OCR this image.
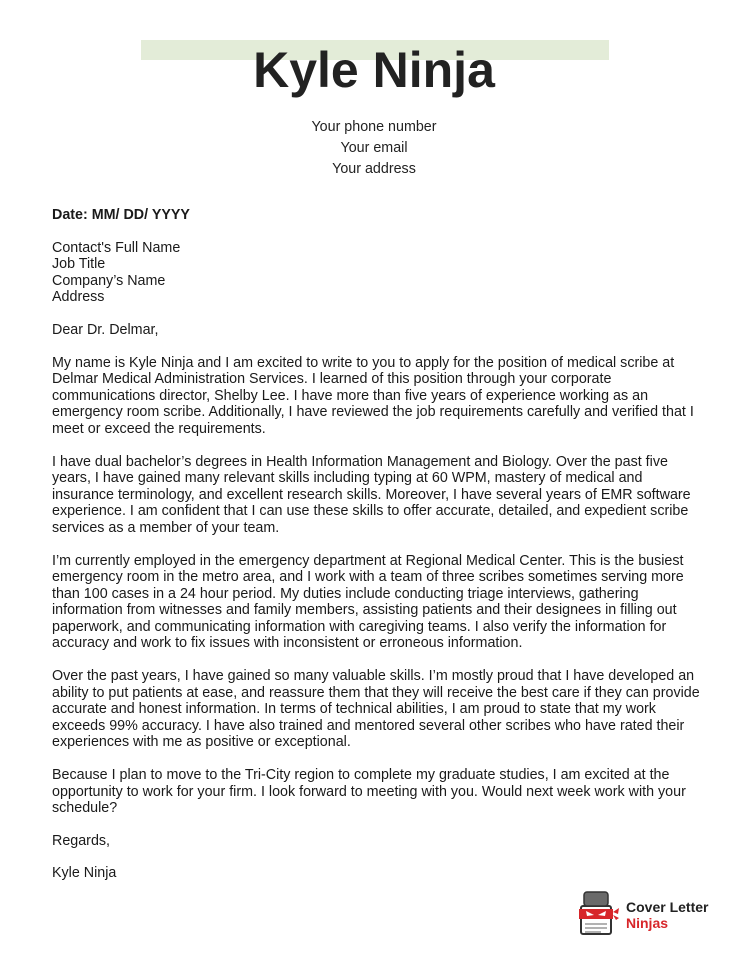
Kyle Ninja
Your phone number
Your email
Your address
Date: MM/ DD/ YYYY
Contact's Full Name
Job Title
Company’s Name
Address

Dear Dr. Delmar,

My name is Kyle Ninja and I am excited to write to you to apply for the position of medical scribe at Delmar Medical Administration Services. I learned of this position through your corporate communications director, Shelby Lee. I have more than five years of experience working as an emergency room scribe. Additionally, I have reviewed the job requirements carefully and verified that I meet or exceed the requirements.

I have dual bachelor’s degrees in Health Information Management and Biology. Over the past five years, I have gained many relevant skills including typing at 60 WPM, mastery of medical and insurance terminology, and excellent research skills. Moreover, I have several years of EMR software experience. I am confident that I can use these skills to offer accurate, detailed, and expedient scribe services as a member of your team.

I’m currently employed in the emergency department at Regional Medical Center. This is the busiest emergency room in the metro area, and I work with a team of three scribes sometimes serving more than 100 cases in a 24 hour period. My duties include conducting triage interviews, gathering information from witnesses and family members, assisting patients and their designees in filling out paperwork, and communicating information with caregiving teams. I also verify the information for accuracy and work to fix issues with inconsistent or erroneous information.

Over the past years, I have gained so many valuable skills. I’m mostly proud that I have developed an ability to put patients at ease, and reassure them that they will receive the best care if they can provide accurate and honest information. In terms of technical abilities, I am proud to state that my work exceeds 99% accuracy. I have also trained and mentored several other scribes who have rated their experiences with me as positive or exceptional.

Because I plan to move to the Tri-City region to complete my graduate studies, I am excited at the opportunity to work for your firm. I look forward to meeting with you. Would next week work with your schedule?

Regards,

Kyle Ninja

Cover Letter
Ninjas
